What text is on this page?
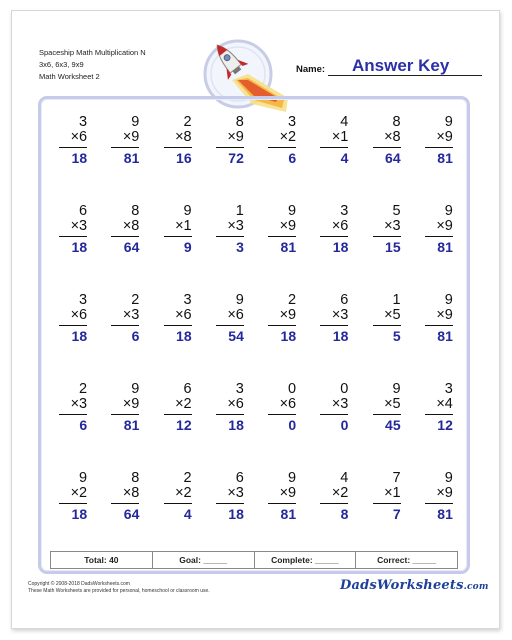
Spaceship Math Multiplication N
3x6, 6x3, 9x9
Math Worksheet 2
Name: Answer Key
3
×6
18
9
×9
81
2
×8
16
8
×9
72
3
×2
6
4
×1
4
8
×8
64
9
×9
81
6
×3
18
8
×8
64
9
×1
9
1
×3
3
9
×9
81
3
×6
18
5
×3
15
9
×9
81
3
×6
18
2
×3
6
3
×6
18
9
×6
54
2
×9
18
6
×3
18
1
×5
5
9
×9
81
2
×3
6
9
×9
81
6
×2
12
3
×6
18
0
×6
0
0
×3
0
9
×5
45
3
×4
12
9
×2
18
8
×8
64
2
×2
4
6
×3
18
9
×9
81
4
×2
8
7
×1
7
9
×9
81
Total: 40	Goal: _____	Complete: _____	Correct: _____
Copyright © 2008-2018 DadsWorksheets.com
These Math Worksheets are provided for personal, homeschool or classroom use.	DadsWorksheets.com
